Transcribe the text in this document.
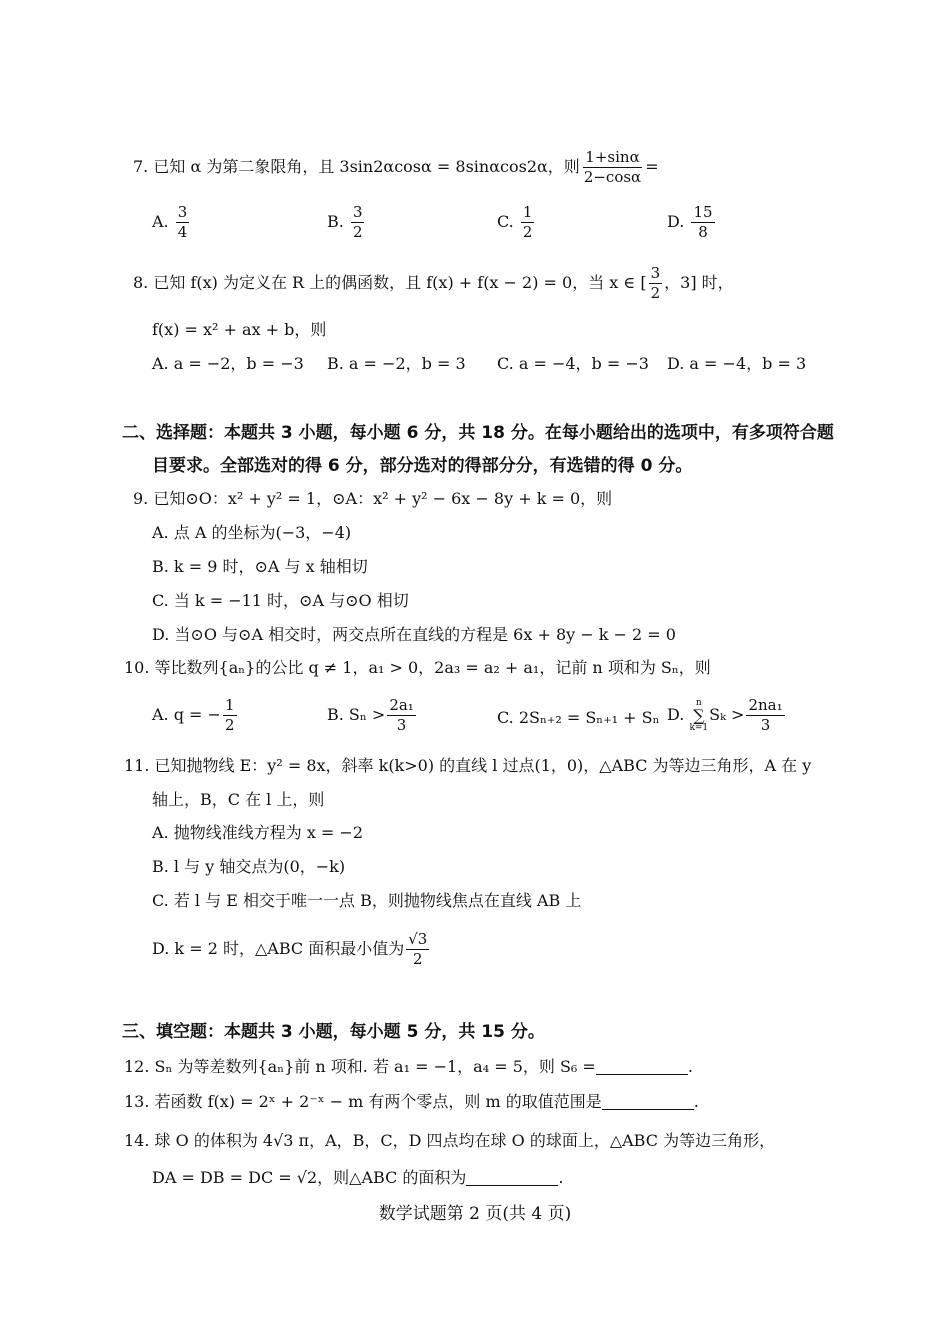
7. 已知 α 为第二象限角，且 3sin2αcosα = 8sinαcos2α，则 $\frac{1+\sin\alpha}{2-\cos\alpha}$ =
A. $\frac{3}{4}$	B. $\frac{3}{2}$	C. $\frac{1}{2}$	D. $\frac{15}{8}$
8. 已知 f(x) 为定义在 R 上的偶函数，且 f(x) + f(x − 2) = 0，当 x ∈ [ $\frac{3}{2}$ ，3] 时，
f(x) = x² + ax + b，则
A. a = −2，b = −3 B. a = −2，b = 3 C. a = −4，b = −3 D. a = −4，b = 3
二、选择题：本题共 3 小题，每小题 6 分，共 18 分。在每小题给出的选项中，有多项符合题
目要求。全部选对的得 6 分，部分选对的得部分分，有选错的得 0 分。
9. 已知⊙O：x² + y² = 1，⊙A：x² + y² − 6x − 8y + k = 0，则
A. 点 A 的坐标为(−3，−4)
B. k = 9 时，⊙A 与 x 轴相切
C. 当 k = −11 时，⊙A 与⊙O 相切
D. 当⊙O 与⊙A 相交时，两交点所在直线的方程是 6x + 8y − k − 2 = 0
10. 等比数列{aₙ}的公比 q ≠ 1，a₁ > 0，2a₃ = a₂ + a₁，记前 n 项和为 Sₙ，则
A. q = − $\frac{1}{2}$	B. $S_n > \frac{\text{2a₁}}{3}$	C. 2Sₙ₊₂ = Sₙ₊₁ + Sₙ D.
n
∑
k=1
$S_k > \frac{\text{2na₁}}{3}$
11. 已知抛物线 E：y² = 8x，斜率 k(k>0) 的直线 l 过点(1，0)，△ABC 为等边三角形，A 在 y
轴上，B，C 在 l 上，则
A. 抛物线准线方程为 x = −2
B. l 与 y 轴交点为(0，−k)
C. 若 l 与 E 相交于唯一一点 B，则抛物线焦点在直线 AB 上
D. k = 2 时，△ABC 面积最小值为 $\frac{√3}{2}$
三、填空题：本题共 3 小题，每小题 5 分，共 15 分。
12. Sₙ 为等差数列{aₙ}前 n 项和. 若 a₁ = −1，a₄ = 5，则 S₆ =	.
13. 若函数 f(x) = 2ˣ + 2⁻ˣ − m 有两个零点，则 m 的取值范围是	.
14. 球 O 的体积为 4√3 π，A，B，C，D 四点均在球 O 的球面上，△ABC 为等边三角形，
DA = DB = DC = √2，则△ABC 的面积为	.
数学试题第 2 页(共 4 页)
